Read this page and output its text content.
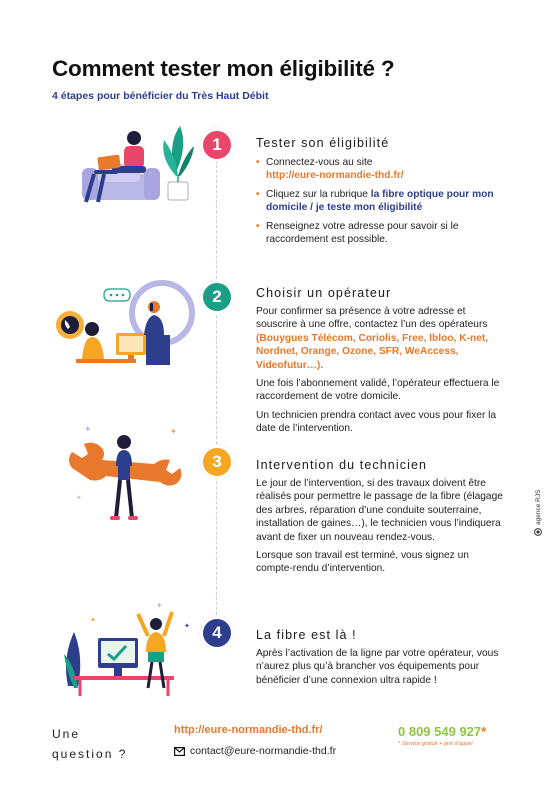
Comment tester mon éligibilité ?
4 étapes pour bénéficier du Très Haut Débit
1
2
3
4
Tester son éligibilité
• Connectez-vous au site
http://eure-normandie-thd.fr/
• Cliquez sur la rubrique la fibre optique pour mon domicile / je teste mon éligibilité
• Renseignez votre adresse pour savoir si le raccordement est possible.
Choisir un opérateur

Pour confirmer sa présence à votre adresse et souscrire à une offre, contactez l’un des opérateurs (Bouygues Télécom, Coriolis, Free, Ibloo, K-net, Nordnet, Orange, Ozone, SFR, WeAccess, Videofutur…).

Une fois l’abonnement validé, l’opérateur effectuera le raccordement de votre domicile.

Un technicien prendra contact avec vous pour fixer la date de l’intervention.

Intervention du technicien

Le jour de l’intervention, si des travaux doivent être réalisés pour permettre le passage de la fibre (élagage des arbres, réparation d’une conduite souterraine, installation de gaines…), le technicien vous l’indiquera avant de fixer un nouveau rendez-vous.

Lorsque son travail est terminé, vous signez un compte-rendu d’intervention.

La fibre est là !

Après l’activation de la ligne par votre opérateur, vous n’aurez plus qu’à brancher vos équipements pour bénéficier d’une connexion ultra rapide !

✦	✦
✦
✦
✦
✦
Une
question ?
http://eure-normandie-thd.fr/
contact@eure-normandie-thd.fr
0 809 549 927*
* Service gratuit + prix d’appel
agence RJS
